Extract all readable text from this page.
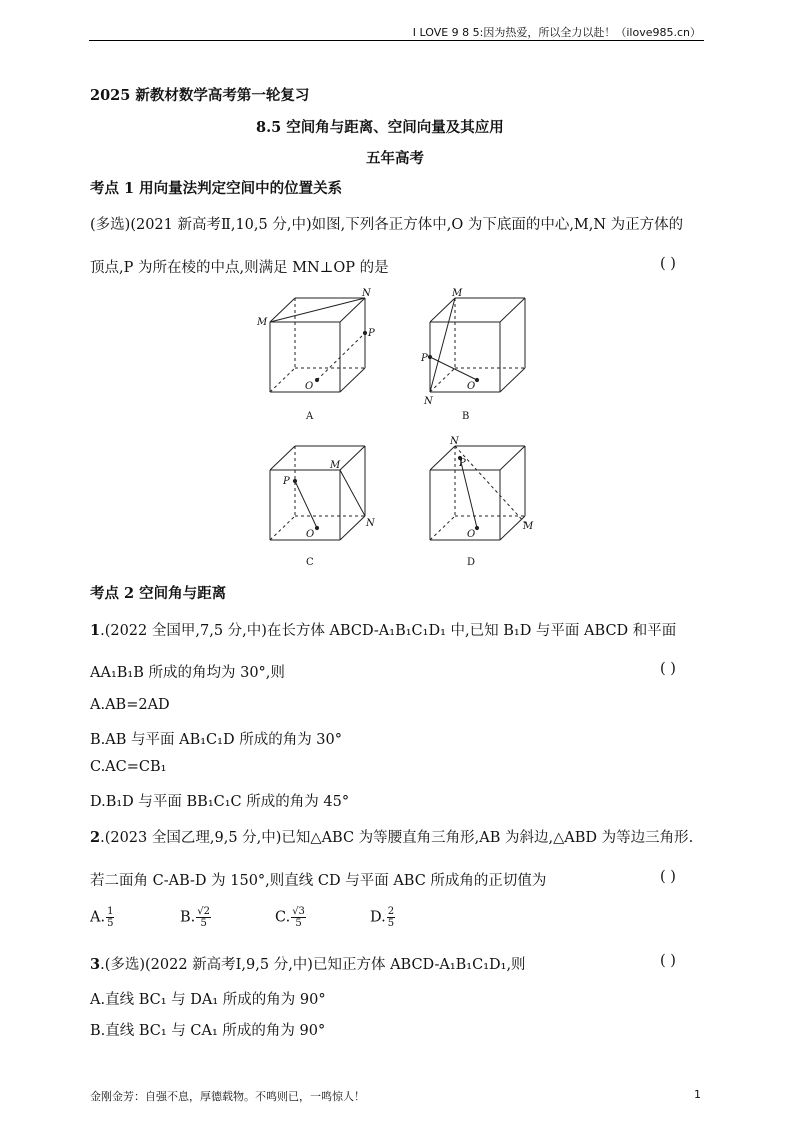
I LOVE 9 8 5:因为热爱，所以全力以赴！（ilove985.cn）
2025 新教材数学高考第一轮复习
8.5 空间角与距离、空间向量及其应用
五年高考
考点 1 用向量法判定空间中的位置关系
(多选)(2021 新高考Ⅱ,10,5 分,中)如图,下列各正方体中,O 为下底面的中心,M,N 为正方体的
顶点,P 为所在棱的中点,则满足 MN⊥OP 的是	( )
M
N
P
O
M
N
P
O
M
N
P
O
M
N
P
O
A	B
C	D
考点 2 空间角与距离
1.(2022 全国甲,7,5 分,中)在长方体 ABCD-A₁B₁C₁D₁ 中,已知 B₁D 与平面 ABCD 和平面
AA₁B₁B 所成的角均为 30°,则	( )
A.AB=2AD
B.AB 与平面 AB₁C₁D 所成的角为 30°
C.AC=CB₁
D.B₁D 与平面 BB₁C₁C 所成的角为 45°
2.(2023 全国乙理,9,5 分,中)已知△ABC 为等腰直角三角形,AB 为斜边,△ABD 为等边三角形.
若二面角 C-AB-D 为 150°,则直线 CD 与平面 ABC 所成角的正切值为	( )
A. $\frac{1}{5}$	B. $\frac{√2}{5}$	C. $\frac{√3}{5}$	D. $\frac{2}{5}$
3.(多选)(2022 新高考Ⅰ,9,5 分,中)已知正方体 ABCD-A₁B₁C₁D₁,则	( )
A.直线 BC₁ 与 DA₁ 所成的角为 90°
B.直线 BC₁ 与 CA₁ 所成的角为 90°
金刚金芳：自强不息，厚德载物。不鸣则已，一鸣惊人！	1
